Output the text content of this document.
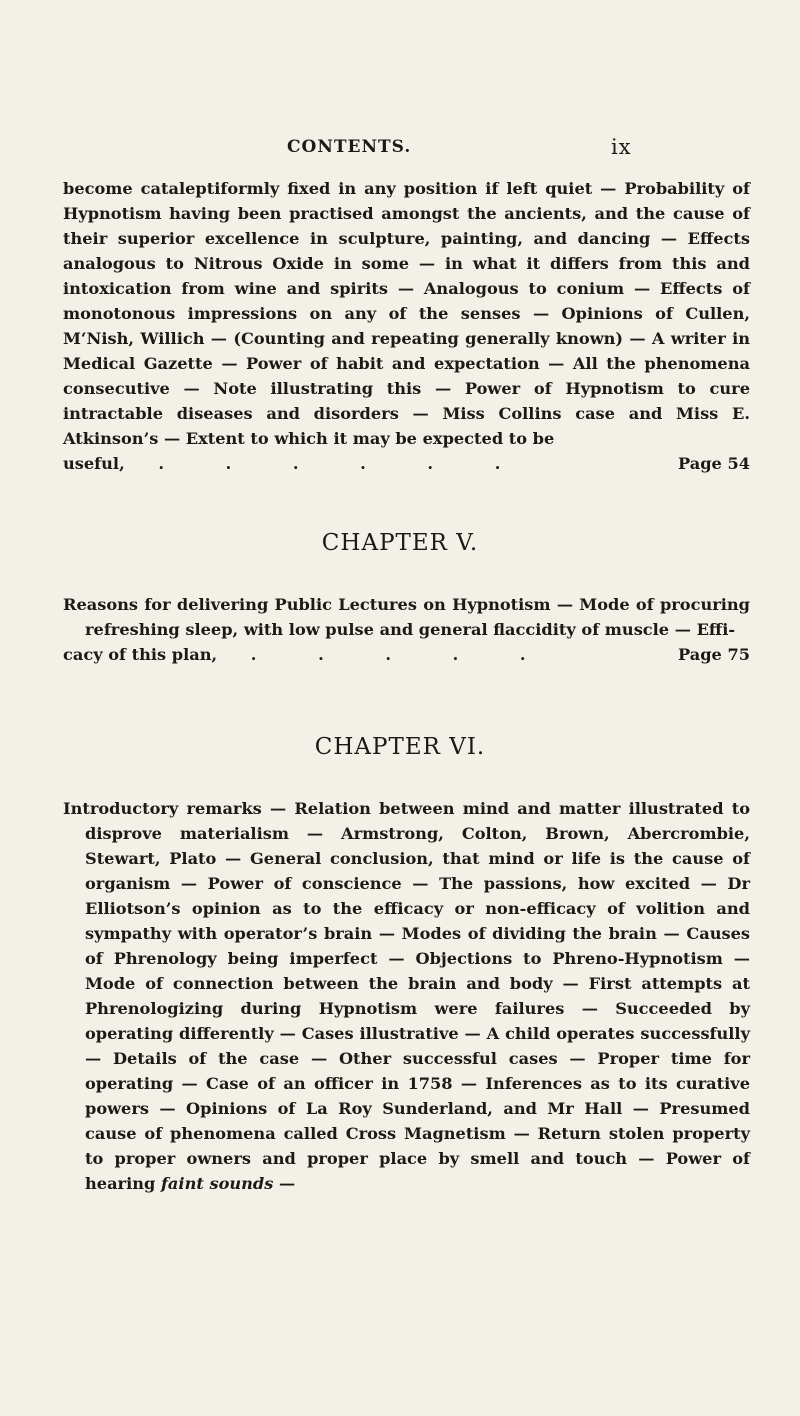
CONTENTS.	ix
become cataleptiformly fixed in any position if left quiet — Probability of Hypnotism having been practised amongst the ancients, and the cause of their superior excellence in sculpture, painting, and dancing — Effects analogous to Nitrous Oxide in some — in what it differs from this and intoxication from wine and spirits — Analogous to conium — Effects of monotonous impressions on any of the senses — Opinions of Cullen, M‘Nish, Willich — (Counting and repeating generally known) — A writer in Medical Gazette — Power of habit and expectation — All the phenomena consecutive — Note illustrating this — Power of Hypnotism to cure intractable diseases and disorders — Miss Collins case and Miss E. Atkinson’s — Extent to which it may be expected to be
useful, . . . . . .	Page 54
CHAPTER V.
Reasons for delivering Public Lectures on Hypnotism — Mode of procuring refreshing sleep, with low pulse and general flaccidity of muscle — Effi-
cacy of this plan, . . . . .	Page 75
CHAPTER VI.
Introductory remarks — Relation between mind and matter illustrated to disprove materialism — Armstrong, Colton, Brown, Abercrombie, Stewart, Plato — General conclusion, that mind or life is the cause of organism — Power of conscience — The passions, how excited — Dr Elliotson’s opinion as to the efficacy or non-efficacy of volition and sympathy with operator’s brain — Modes of dividing the brain — Causes of Phrenology being imperfect — Objections to Phreno-Hypnotism — Mode of connection between the brain and body — First attempts at Phrenologizing during Hypnotism were failures — Succeeded by operating differently — Cases illustrative — A child operates successfully — Details of the case — Other successful cases — Proper time for operating — Case of an officer in 1758 — Inferences as to its curative powers — Opinions of La Roy Sunderland, and Mr Hall — Presumed cause of phenomena called Cross Magnetism — Return stolen property to proper owners and proper place by smell and touch — Power of hearing faint sounds —
